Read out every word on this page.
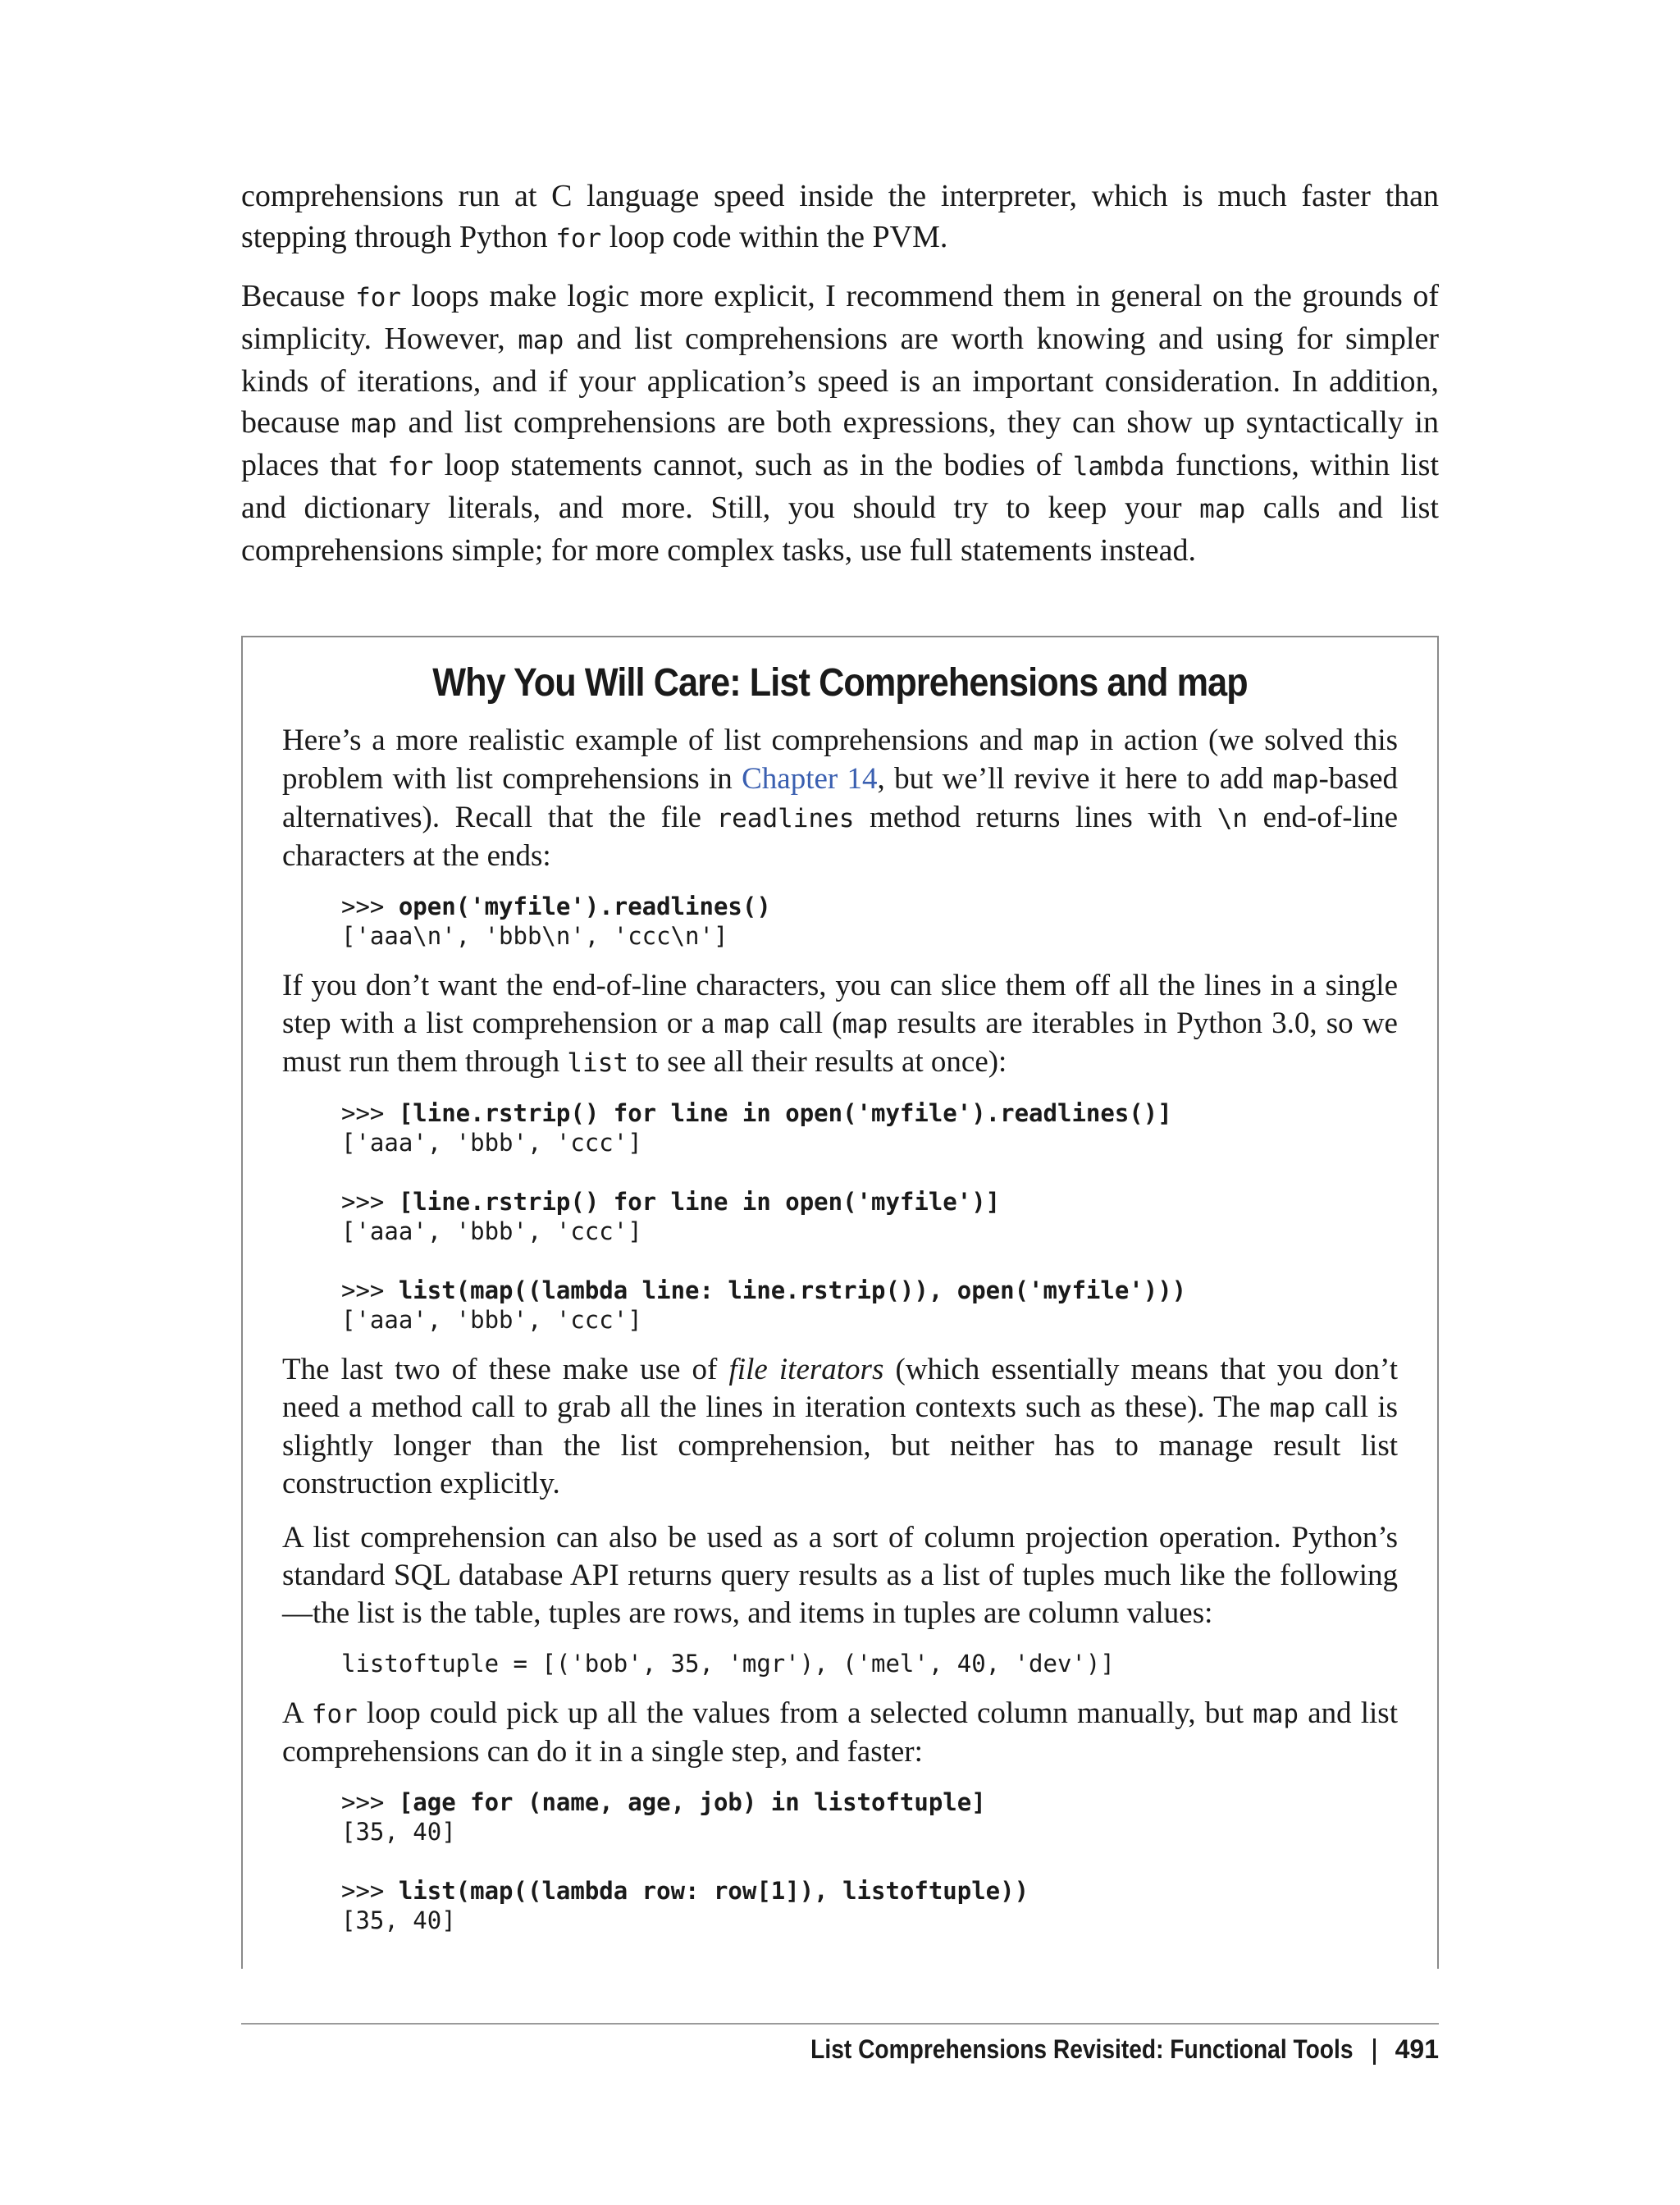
comprehensions run at C language speed inside the interpreter, which is much faster than stepping through Python for loop code within the PVM.

Because for loops make logic more explicit, I recommend them in general on the grounds of simplicity. However, map and list comprehensions are worth knowing and using for simpler kinds of iterations, and if your application’s speed is an important consideration. In addition, because map and list comprehensions are both expressions, they can show up syntactically in places that for loop statements cannot, such as in the bodies of lambda functions, within list and dictionary literals, and more. Still, you should try to keep your map calls and list comprehensions simple; for more complex tasks, use full statements instead.

Why You Will Care: List Comprehensions and map

Here’s a more realistic example of list comprehensions and map in action (we solved this problem with list comprehensions in Chapter 14, but we’ll revive it here to add map-based alternatives). Recall that the file readlines method returns lines with \n end-of-line characters at the ends:

>>> open('myfile').readlines()
['aaa\n', 'bbb\n', 'ccc\n']

If you don’t want the end-of-line characters, you can slice them off all the lines in a single step with a list comprehension or a map call (map results are iterables in Python 3.0, so we must run them through list to see all their results at once):

>>> [line.rstrip() for line in open('myfile').readlines()]
['aaa', 'bbb', 'ccc']
>>> [line.rstrip() for line in open('myfile')]
['aaa', 'bbb', 'ccc']
>>> list(map((lambda line: line.rstrip()), open('myfile')))
['aaa', 'bbb', 'ccc']

The last two of these make use of file iterators (which essentially means that you don’t need a method call to grab all the lines in iteration contexts such as these). The map call is slightly longer than the list comprehension, but neither has to manage result list construction explicitly.

A list comprehension can also be used as a sort of column projection operation. Python’s standard SQL database API returns query results as a list of tuples much like the following—the list is the table, tuples are rows, and items in tuples are column values:

listoftuple = [('bob', 35, 'mgr'), ('mel', 40, 'dev')]

A for loop could pick up all the values from a selected column manually, but map and list comprehensions can do it in a single step, and faster:

>>> [age for (name, age, job) in listoftuple]
[35, 40]
>>> list(map((lambda row: row[1]), listoftuple))
[35, 40]
List Comprehensions Revisited: Functional Tools 491
